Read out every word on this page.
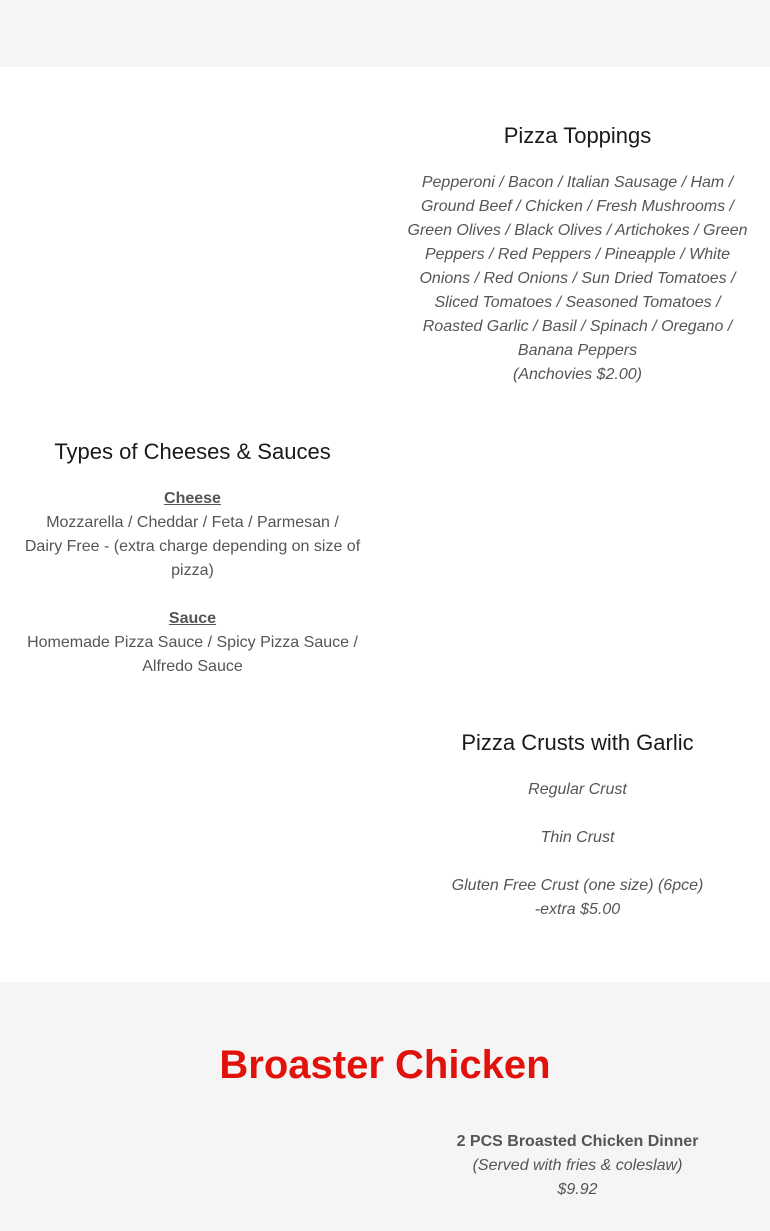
Pizza Toppings
Pepperoni / Bacon / Italian Sausage / Ham /
Ground Beef / Chicken / Fresh Mushrooms /
Green Olives / Black Olives / Artichokes / Green
Peppers / Red Peppers / Pineapple / White
Onions / Red Onions / Sun Dried Tomatoes /
Sliced Tomatoes / Seasoned Tomatoes /
Roasted Garlic / Basil / Spinach / Oregano /
Banana Peppers
(Anchovies $2.00)
Types of Cheeses & Sauces
Cheese
Mozzarella / Cheddar / Feta / Parmesan /
Dairy Free - (extra charge depending on size of
pizza)
Sauce
Homemade Pizza Sauce / Spicy Pizza Sauce /
Alfredo Sauce
Pizza Crusts with Garlic
Regular Crust
Thin Crust
Gluten Free Crust (one size) (6pce)
-extra $5.00
Broaster Chicken
2 PCS Broasted Chicken Dinner
(Served with fries & coleslaw)
$9.92
